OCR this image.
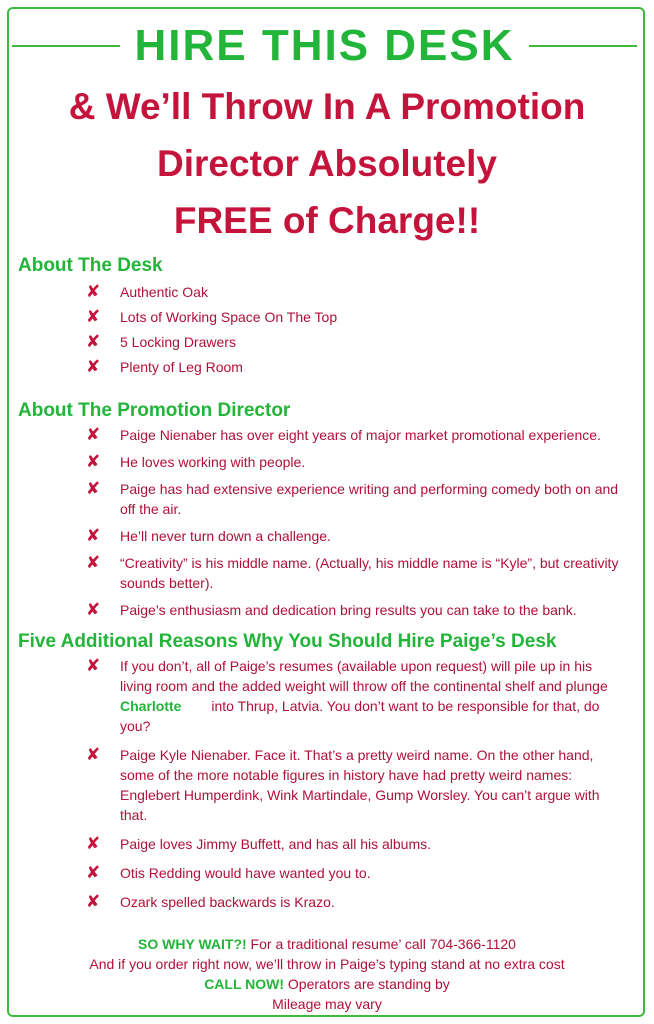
HIRE THIS DESK
& We’ll Throw In A Promotion
Director Absolutely
FREE of Charge!!
About The Desk
✘ Authentic Oak
✘ Lots of Working Space On The Top
✘ 5 Locking Drawers
✘ Plenty of Leg Room
About The Promotion Director
✘ Paige Nienaber has over eight years of major market promotional experience.
✘ He loves working with people.
✘ Paige has had extensive experience writing and performing comedy both on and off the air.
✘ He’ll never turn down a challenge.
✘ “Creativity” is his middle name. (Actually, his middle name is “Kyle”, but creativity sounds better).
✘ Paige’s enthusiasm and dedication bring results you can take to the bank.
Five Additional Reasons Why You Should Hire Paige’s Desk
✘ If you don’t, all of Paige’s resumes (available upon request) will pile up in his living room and the added weight will throw off the continental shelf and plunge Charlotte into Thrup, Latvia. You don’t want to be responsible for that, do you?
✘ Paige Kyle Nienaber. Face it. That’s a pretty weird name. On the other hand, some of the more notable figures in history have had pretty weird names: Englebert Humperdink, Wink Martindale, Gump Worsley. You can’t argue with that.
✘ Paige loves Jimmy Buffett, and has all his albums.
✘ Otis Redding would have wanted you to.
✘ Ozark spelled backwards is Krazo.
SO WHY WAIT?! For a traditional resume’ call 704-366-1120
And if you order right now, we’ll throw in Paige’s typing stand at no extra cost
CALL NOW! Operators are standing by
Mileage may vary
